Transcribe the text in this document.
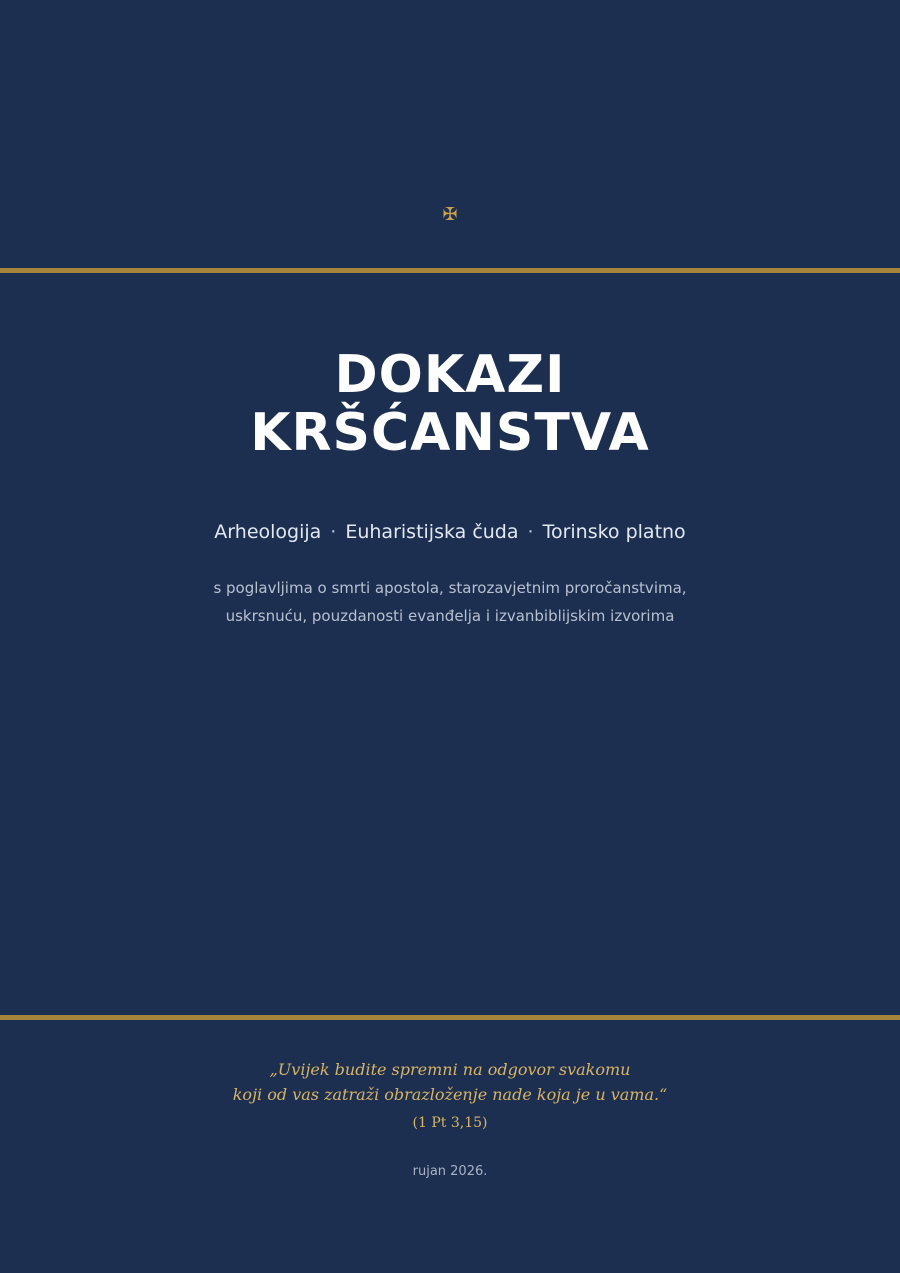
✠
DOKAZI
KRŠĆANSTVA
Arheologija · Euharistijska čuda · Torinsko platno
s poglavljima o smrti apostola, starozavjetnim proročanstvima,
uskrsnuću, pouzdanosti evanđelja i izvanbiblijskim izvorima
„Uvijek budite spremni na odgovor svakomu
koji od vas zatraži obrazloženje nade koja je u vama.“
(1 Pt 3,15)
rujan 2026.
